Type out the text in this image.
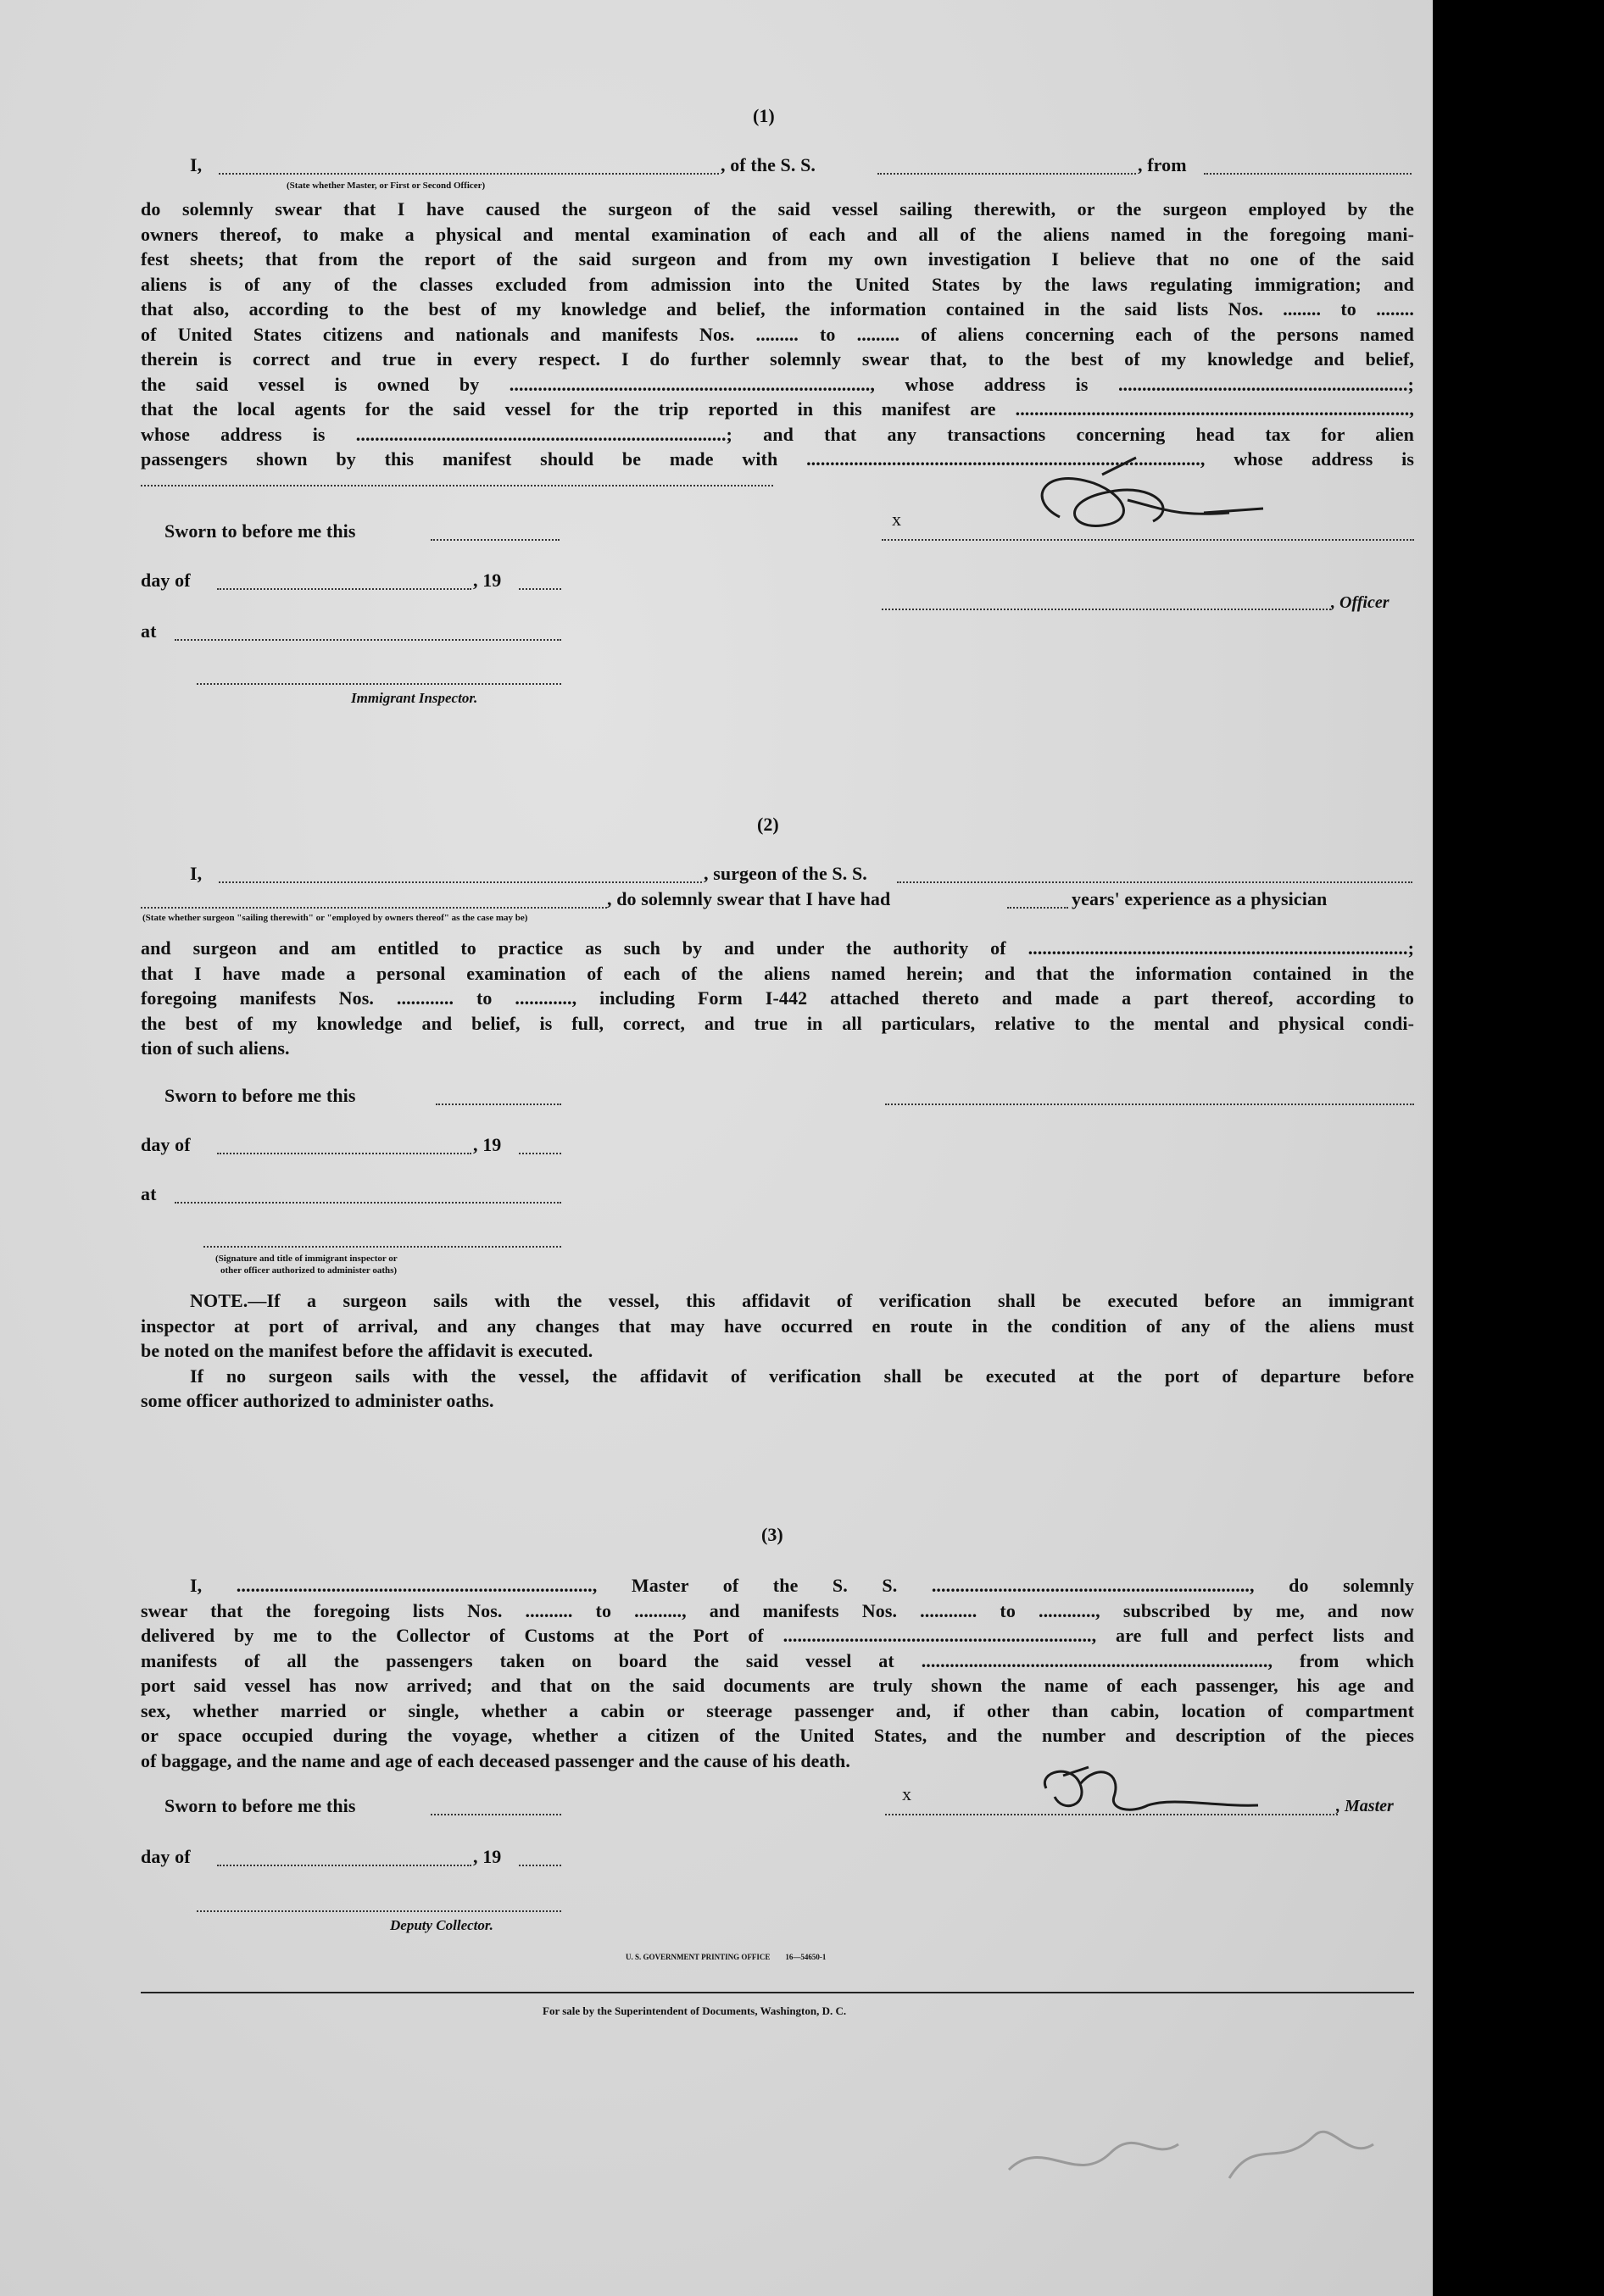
(1)
I,	, of the S. S.	, from
(State whether Master, or First or Second Officer)
do solemnly swear that I have caused the surgeon of the said vessel sailing therewith, or the surgeon employed by the
owners thereof, to make a physical and mental examination of each and all of the aliens named in the foregoing mani-
fest sheets; that from the report of the said surgeon and from my own investigation I believe that no one of the said
aliens is of any of the classes excluded from admission into the United States by the laws regulating immigration; and
that also, according to the best of my knowledge and belief, the information contained in the said lists Nos. ........ to ........
of United States citizens and nationals and manifests Nos. ......... to ......... of aliens concerning each of the persons named
therein is correct and true in every respect. I do further solemnly swear that, to the best of my knowledge and belief,
the said vessel is owned by ............................................................................, whose address is .............................................................;
that the local agents for the said vessel for the trip reported in this manifest are ...................................................................................,
whose address is ..............................................................................; and that any transactions concerning head tax for alien
passengers shown by this manifest should be made with ..................................................................................., whose address is
Sworn to before me this
day of	, 19
at
Immigrant Inspector.
x
, Officer
(2)
I,	, surgeon of the S. S.
, do solemnly swear that I have had	years' experience as a physician
(State whether surgeon "sailing therewith" or "employed by owners thereof" as the case may be)
and surgeon and am entitled to practice as such by and under the authority of ................................................................................;
that I have made a personal examination of each of the aliens named herein; and that the information contained in the
foregoing manifests Nos. ............ to ............, including Form I-442 attached thereto and made a part thereof, according to
the best of my knowledge and belief, is full, correct, and true in all particulars, relative to the mental and physical condi-
tion of such aliens.
Sworn to before me this
day of	, 19
at
(Signature and title of immigrant inspector or
other officer authorized to administer oaths)
NOTE.—If a surgeon sails with the vessel, this affidavit of verification shall be executed before an immigrant
inspector at port of arrival, and any changes that may have occurred en route in the condition of any of the aliens must
be noted on the manifest before the affidavit is executed.
If no surgeon sails with the vessel, the affidavit of verification shall be executed at the port of departure before
some officer authorized to administer oaths.
(3)
I, ..........................................................................., Master of the S. S. ..................................................................., do solemnly
swear that the foregoing lists Nos. .......... to .........., and manifests Nos. ............ to ............, subscribed by me, and now
delivered by me to the Collector of Customs at the Port of ................................................................., are full and perfect lists and
manifests of all the passengers taken on board the said vessel at ........................................................................., from which
port said vessel has now arrived; and that on the said documents are truly shown the name of each passenger, his age and
sex, whether married or single, whether a cabin or steerage passenger and, if other than cabin, location of compartment
or space occupied during the voyage, whether a citizen of the United States, and the number and description of the pieces
of baggage, and the name and age of each deceased passenger and the cause of his death.
Sworn to before me this
x
, Master
day of	, 19
Deputy Collector.
U. S. GOVERNMENT PRINTING OFFICE        16—54650-1
For sale by the Superintendent of Documents, Washington, D. C.
